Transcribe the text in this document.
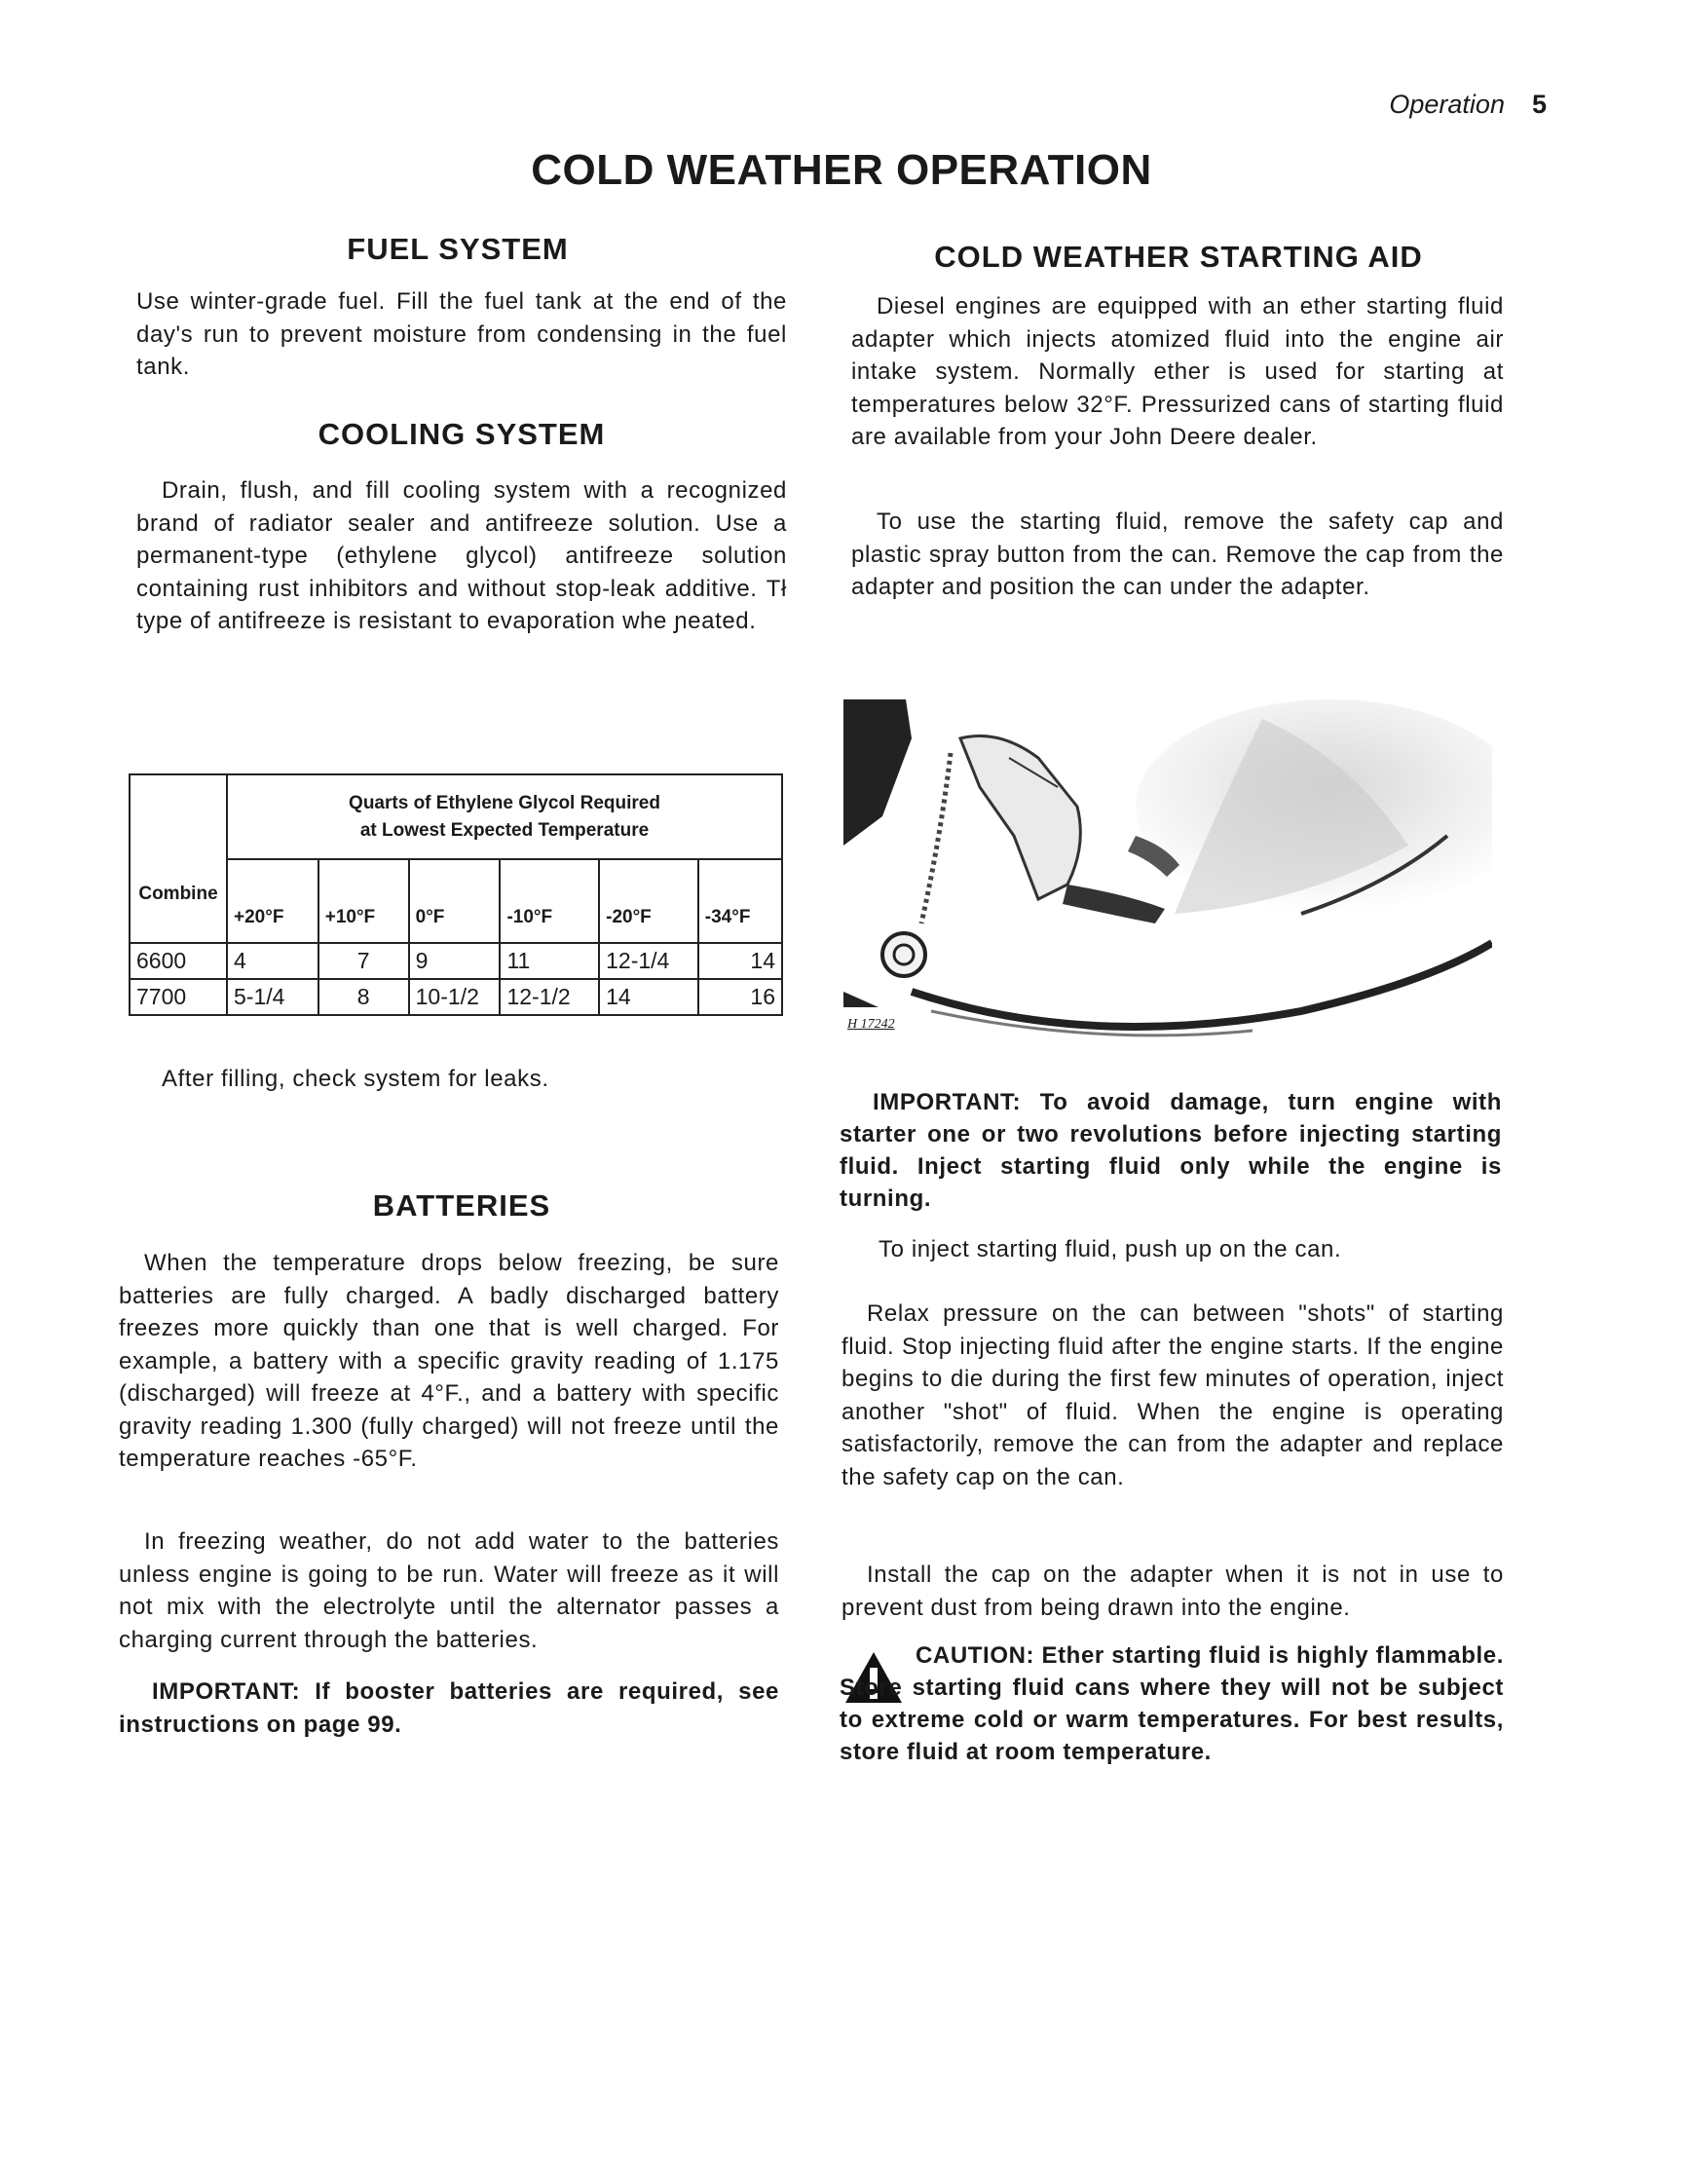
Operation 5
COLD WEATHER OPERATION
FUEL SYSTEM
Use winter-grade fuel. Fill the fuel tank at the end of the day's run to prevent moisture from condensing in the fuel tank.
COOLING SYSTEM
Drain, flush, and fill cooling system with a recognized brand of radiator sealer and antifreeze solution. Use a permanent-type (ethylene glycol) antifreeze solution containing rust inhibitors and without stop-leak additive. Tł type of antifreeze is resistant to evaporation whe ɲeated.
Combine	Quarts of Ethylene Glycol Required at Lowest Expected Temperature					
	+20°F	+10°F	0°F	-10°F	-20°F	-34°F
6600	4	7	9	11	12-1/4	14
7700	5-1/4	8	10-1/2	12-1/2	14	16
After filling, check system for leaks.
BATTERIES
When the temperature drops below freezing, be sure batteries are fully charged. A badly discharged battery freezes more quickly than one that is well charged. For example, a battery with a specific gravity reading of 1.175 (discharged) will freeze at 4°F., and a battery with specific gravity reading 1.300 (fully charged) will not freeze until the temperature reaches -65°F.
In freezing weather, do not add water to the batteries unless engine is going to be run. Water will freeze as it will not mix with the electrolyte until the alternator passes a charging current through the batteries.
IMPORTANT: If booster batteries are required, see instructions on page 99.
COLD WEATHER STARTING AID
Diesel engines are equipped with an ether starting fluid adapter which injects atomized fluid into the engine air intake system. Normally ether is used for starting at temperatures below 32°F. Pressurized cans of starting fluid are available from your John Deere dealer.
To use the starting fluid, remove the safety cap and plastic spray button from the can. Remove the cap from the adapter and position the can under the adapter.
H 17242
IMPORTANT: To avoid damage, turn engine with starter one or two revolutions before injecting starting fluid. Inject starting fluid only while the engine is turning.
To inject starting fluid, push up on the can.
Relax pressure on the can between "shots" of starting fluid. Stop injecting fluid after the engine starts. If the engine begins to die during the first few minutes of operation, inject another "shot" of fluid. When the engine is operating satisfactorily, remove the can from the adapter and replace the safety cap on the can.
Install the cap on the adapter when it is not in use to prevent dust from being drawn into the engine.
CAUTION: Ether starting fluid is highly flammable. Store starting fluid cans where they will not be subject to extreme cold or warm temperatures. For best results, store fluid at room temperature.
